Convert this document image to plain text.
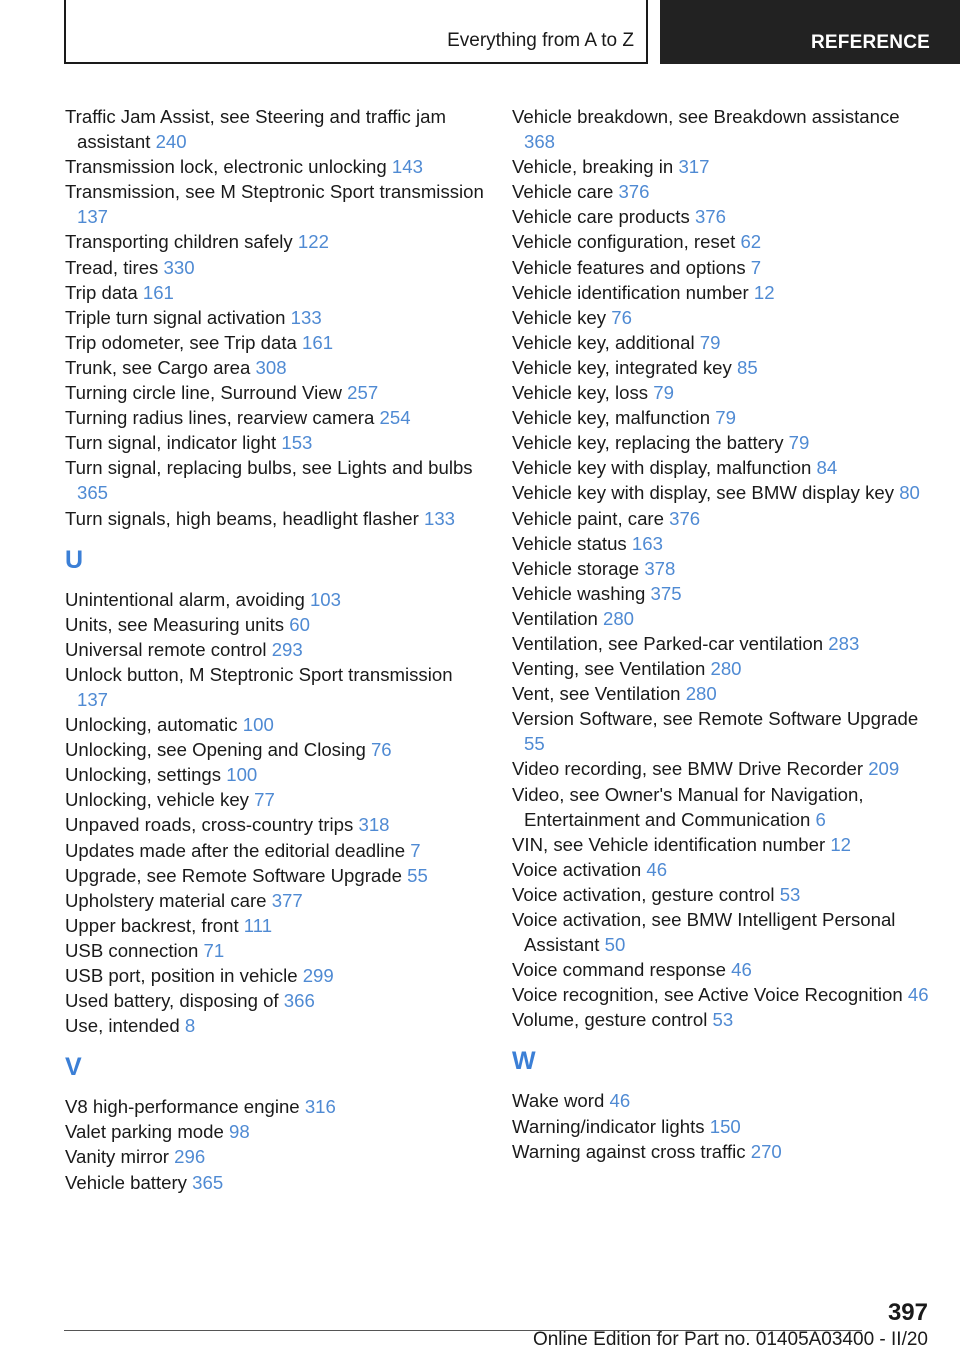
Everything from A to Z	REFERENCE
Traffic Jam Assist, see Steering and traffic jam assistant 240
Transmission lock, electronic unlocking 143
Transmission, see M Steptronic Sport transmission 137
Transporting children safely 122
Tread, tires 330
Trip data 161
Triple turn signal activation 133
Trip odometer, see Trip data 161
Trunk, see Cargo area 308
Turning circle line, Surround View 257
Turning radius lines, rearview camera 254
Turn signal, indicator light 153
Turn signal, replacing bulbs, see Lights and bulbs 365
Turn signals, high beams, headlight flasher 133
U
Unintentional alarm, avoiding 103
Units, see Measuring units 60
Universal remote control 293
Unlock button, M Steptronic Sport transmission 137
Unlocking, automatic 100
Unlocking, see Opening and Closing 76
Unlocking, settings 100
Unlocking, vehicle key 77
Unpaved roads, cross-country trips 318
Updates made after the editorial deadline 7
Upgrade, see Remote Software Upgrade 55
Upholstery material care 377
Upper backrest, front 111
USB connection 71
USB port, position in vehicle 299
Used battery, disposing of 366
Use, intended 8
V
V8 high-performance engine 316
Valet parking mode 98
Vanity mirror 296
Vehicle battery 365
Vehicle breakdown, see Breakdown assistance 368
Vehicle, breaking in 317
Vehicle care 376
Vehicle care products 376
Vehicle configuration, reset 62
Vehicle features and options 7
Vehicle identification number 12
Vehicle key 76
Vehicle key, additional 79
Vehicle key, integrated key 85
Vehicle key, loss 79
Vehicle key, malfunction 79
Vehicle key, replacing the battery 79
Vehicle key with display, malfunction 84
Vehicle key with display, see BMW display key 80
Vehicle paint, care 376
Vehicle status 163
Vehicle storage 378
Vehicle washing 375
Ventilation 280
Ventilation, see Parked-car ventilation 283
Venting, see Ventilation 280
Vent, see Ventilation 280
Version Software, see Remote Software Upgrade 55
Video recording, see BMW Drive Recorder 209
Video, see Owner's Manual for Navigation, Entertainment and Communication 6
VIN, see Vehicle identification number 12
Voice activation 46
Voice activation, gesture control 53
Voice activation, see BMW Intelligent Personal Assistant 50
Voice command response 46
Voice recognition, see Active Voice Recognition 46
Volume, gesture control 53
W
Wake word 46
Warning/indicator lights 150
Warning against cross traffic 270
397
Online Edition for Part no. 01405A03400 - II/20
